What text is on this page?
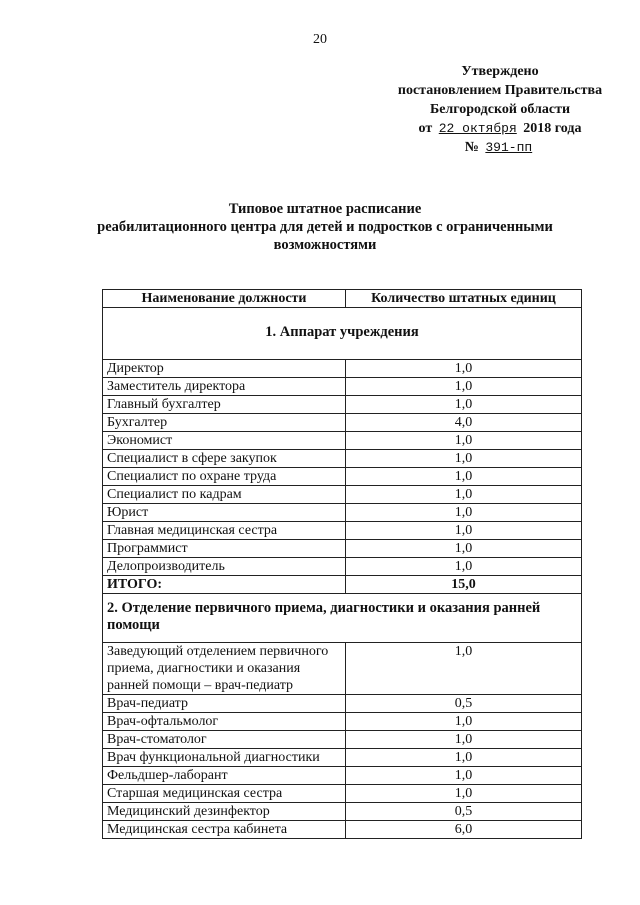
20
Утверждено
постановлением Правительства
Белгородской области
от 22 октября 2018 года
№ 391-пп
Типовое штатное расписание
реабилитационного центра для детей и подростков с ограниченными
возможностями
Наименование должности	Количество штатных единиц
1. Аппарат учреждения	
Директор	1,0
Заместитель директора	1,0
Главный бухгалтер	1,0
Бухгалтер	4,0
Экономист	1,0
Специалист в сфере закупок	1,0
Специалист по охране труда	1,0
Специалист по кадрам	1,0
Юрист	1,0
Главная медицинская сестра	1,0
Программист	1,0
Делопроизводитель	1,0
ИТОГО:	15,0
2. Отделение первичного приема, диагностики и оказания ранней помощи	
Заведующий отделением первичного приема, диагностики и оказания ранней помощи – врач-педиатр	1,0
Врач-педиатр	0,5
Врач-офтальмолог	1,0
Врач-стоматолог	1,0
Врач функциональной диагностики	1,0
Фельдшер-лаборант	1,0
Старшая медицинская сестра	1,0
Медицинский дезинфектор	0,5
Медицинская сестра кабинета	6,0
